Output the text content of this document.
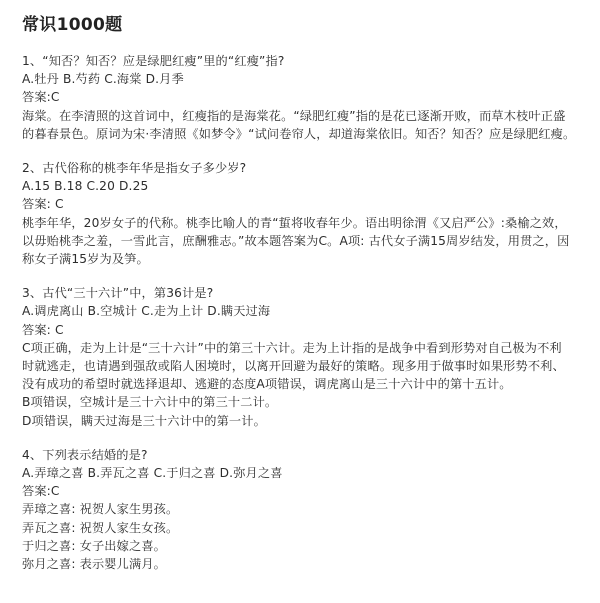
常识1000题
1、“知否？知否？应是绿肥红瘦”里的“红瘦”指?
A.牡丹 B.芍药 C.海棠 D.月季
答案:C
海棠。在李清照的这首词中，红瘦指的是海棠花。“绿肥红瘦”指的是花已逐渐开败，而草木枝叶正盛
的暮春景色。原词为宋·李清照《如梦令》“试问卷帘人，却道海棠依旧。知否？知否？应是绿肥红瘦。
2、古代俗称的桃李年华是指女子多少岁?
A.15 B.18 C.20 D.25
答案: C
桃李年华，20岁女子的代称。桃李比喻人的青“蜇将收春年少。语出明徐渭《又启严公》:桑榆之效，
以毋贻桃李之羞，一雪此言，庶酬雅志。”故本题答案为C。A项: 古代女子满15周岁结发，用贯之，因
称女子满15岁为及笋。
3、古代“三十六计”中，第36计是?
A.调虎离山 B.空城计 C.走为上计 D.瞒天过海
答案: C
C项正确，走为上计是“三十六计”中的第三十六计。走为上计指的是战争中看到形势对自己极为不利
时就逃走，也请遇到强敌或陷人困境时，以离开回避为最好的策略。现多用于做事时如果形势不利、
没有成功的希望时就选择退却、逃避的态度A项错误，调虎离山是三十六计中的第十五计。
B项错误，空城计是三十六计中的第三十二计。
D项错误，瞒天过海是三十六计中的第一计。
4、下列表示结婚的是?
A.弄璋之喜 B.弄瓦之喜 C.于归之喜 D.弥月之喜
答案:C
弄璋之喜: 祝贺人家生男孩。
弄瓦之喜: 祝贺人家生女孩。
于归之喜: 女子出嫁之喜。
弥月之喜: 表示婴儿满月。
